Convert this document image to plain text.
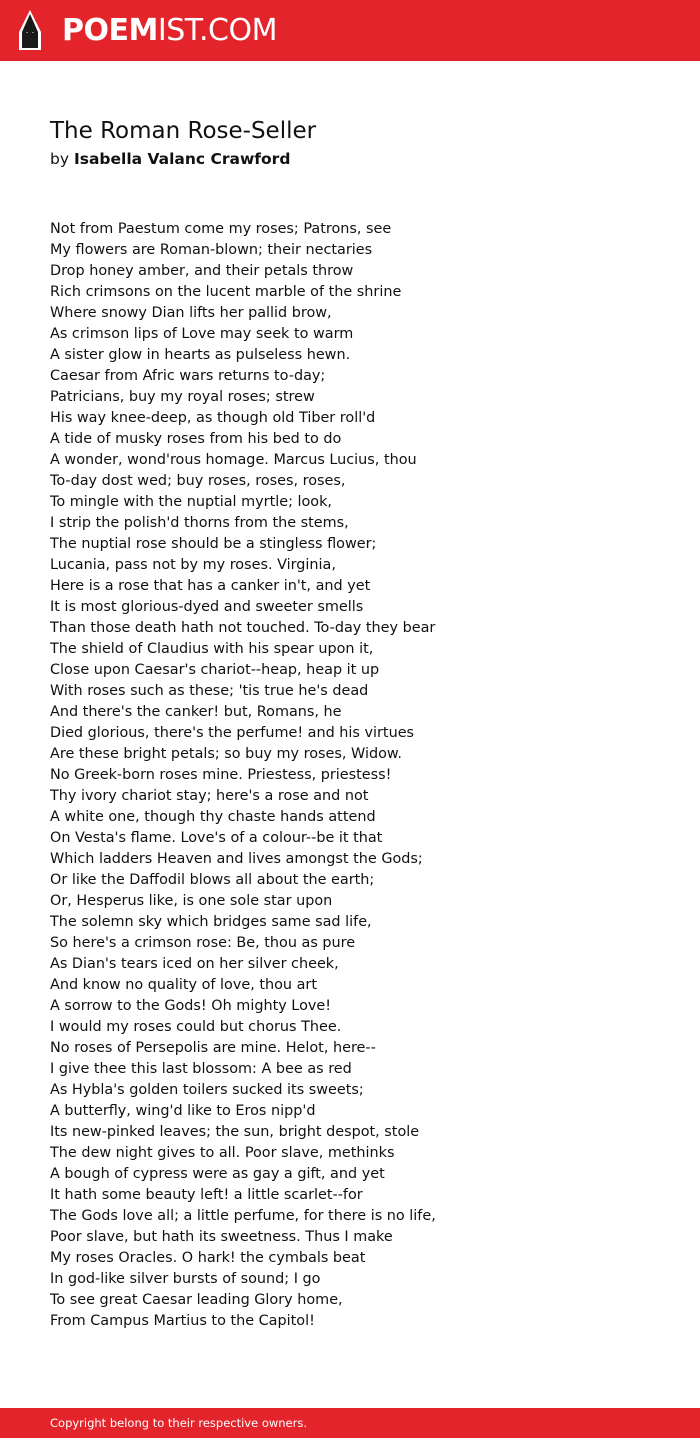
POEMIST.COM
The Roman Rose-Seller
by Isabella Valanc Crawford
Not from Paestum come my roses; Patrons, see
My flowers are Roman-blown; their nectaries
Drop honey amber, and their petals throw
Rich crimsons on the lucent marble of the shrine
Where snowy Dian lifts her pallid brow,
As crimson lips of Love may seek to warm
A sister glow in hearts as pulseless hewn.
Caesar from Afric wars returns to-day;
Patricians, buy my royal roses; strew
His way knee-deep, as though old Tiber roll'd
A tide of musky roses from his bed to do
A wonder, wond'rous homage. Marcus Lucius, thou
To-day dost wed; buy roses, roses, roses,
To mingle with the nuptial myrtle; look,
I strip the polish'd thorns from the stems,
The nuptial rose should be a stingless flower;
Lucania, pass not by my roses. Virginia,
Here is a rose that has a canker in't, and yet
It is most glorious-dyed and sweeter smells
Than those death hath not touched. To-day they bear
The shield of Claudius with his spear upon it,
Close upon Caesar's chariot--heap, heap it up
With roses such as these; 'tis true he's dead
And there's the canker! but, Romans, he
Died glorious, there's the perfume! and his virtues
Are these bright petals; so buy my roses, Widow.
No Greek-born roses mine. Priestess, priestess!
Thy ivory chariot stay; here's a rose and not
A white one, though thy chaste hands attend
On Vesta's flame. Love's of a colour--be it that
Which ladders Heaven and lives amongst the Gods;
Or like the Daffodil blows all about the earth;
Or, Hesperus like, is one sole star upon
The solemn sky which bridges same sad life,
So here's a crimson rose: Be, thou as pure
As Dian's tears iced on her silver cheek,
And know no quality of love, thou art
A sorrow to the Gods! Oh mighty Love!
I would my roses could but chorus Thee.
No roses of Persepolis are mine. Helot, here--
I give thee this last blossom: A bee as red
As Hybla's golden toilers sucked its sweets;
A butterfly, wing'd like to Eros nipp'd
Its new-pinked leaves; the sun, bright despot, stole
The dew night gives to all. Poor slave, methinks
A bough of cypress were as gay a gift, and yet
It hath some beauty left! a little scarlet--for
The Gods love all; a little perfume, for there is no life,
Poor slave, but hath its sweetness. Thus I make
My roses Oracles. O hark! the cymbals beat
In god-like silver bursts of sound; I go
To see great Caesar leading Glory home,
From Campus Martius to the Capitol!
Copyright belong to their respective owners.
